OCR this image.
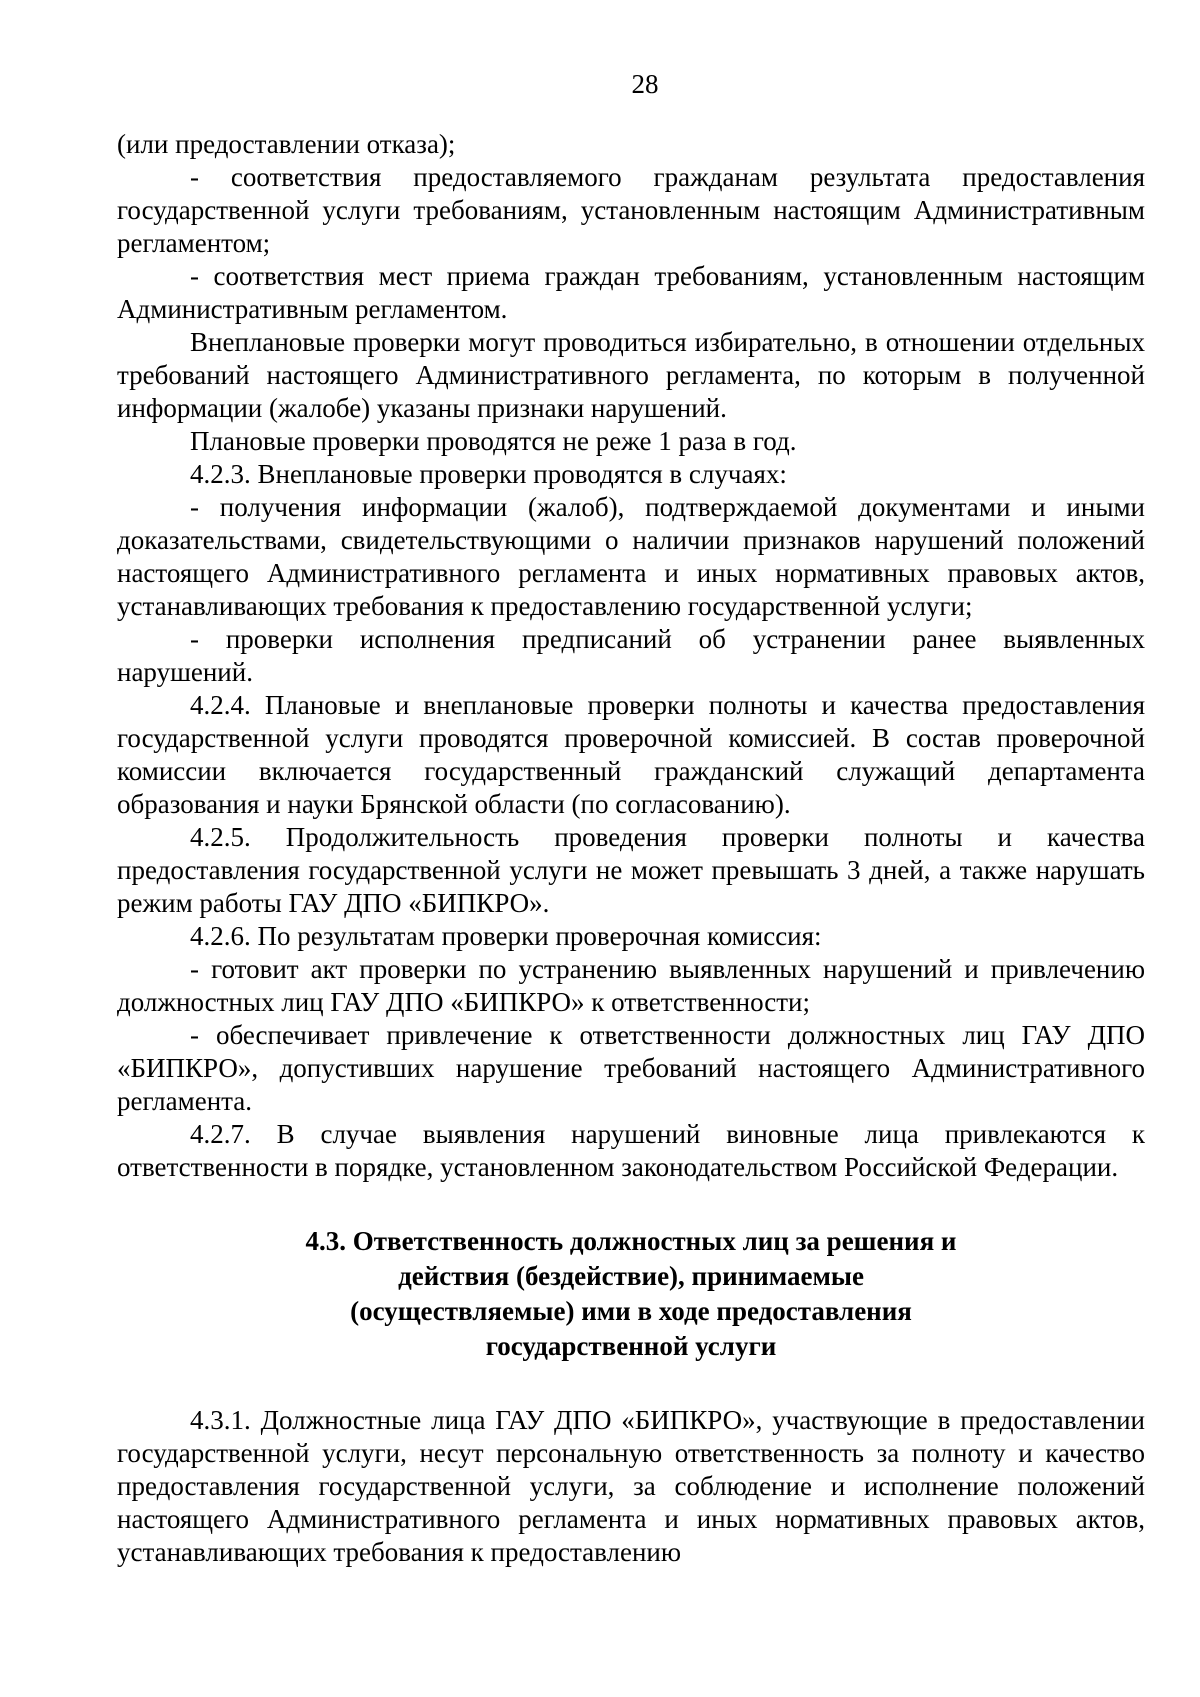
28

(или предоставлении отказа);

- соответствия предоставляемого гражданам результата предоставления государственной услуги требованиям, установленным настоящим Административным регламентом;

- соответствия мест приема граждан требованиям, установленным настоящим Административным регламентом.

Внеплановые проверки могут проводиться избирательно, в отношении отдельных требований настоящего Административного регламента, по которым в полученной информации (жалобе) указаны признаки нарушений.

Плановые проверки проводятся не реже 1 раза в год.

4.2.3. Внеплановые проверки проводятся в случаях:

- получения информации (жалоб), подтверждаемой документами и иными доказательствами, свидетельствующими о наличии признаков нарушений положений настоящего Административного регламента и иных нормативных правовых актов, устанавливающих требования к предоставлению государственной услуги;

- проверки исполнения предписаний об устранении ранее выявленных нарушений.

4.2.4. Плановые и внеплановые проверки полноты и качества предоставления государственной услуги проводятся проверочной комиссией. В состав проверочной комиссии включается государственный гражданский служащий департамента образования и науки Брянской области (по согласованию).

4.2.5. Продолжительность проведения проверки полноты и качества предоставления государственной услуги не может превышать 3 дней, а также нарушать режим работы ГАУ ДПО «БИПКРО».

4.2.6. По результатам проверки проверочная комиссия:

- готовит акт проверки по устранению выявленных нарушений и привлечению должностных лиц ГАУ ДПО «БИПКРО» к ответственности;

- обеспечивает привлечение к ответственности должностных лиц ГАУ ДПО «БИПКРО», допустивших нарушение требований настоящего Административного регламента.

4.2.7. В случае выявления нарушений виновные лица привлекаются к ответственности в порядке, установленном законодательством Российской Федерации.

4.3. Ответственность должностных лиц за решения и
действия (бездействие), принимаемые
(осуществляемые) ими в ходе предоставления
государственной услуги

4.3.1. Должностные лица ГАУ ДПО «БИПКРО», участвующие в предоставлении государственной услуги, несут персональную ответственность за полноту и качество предоставления государственной услуги, за соблюдение и исполнение положений настоящего Административного регламента и иных нормативных правовых актов, устанавливающих требования к предоставлению
